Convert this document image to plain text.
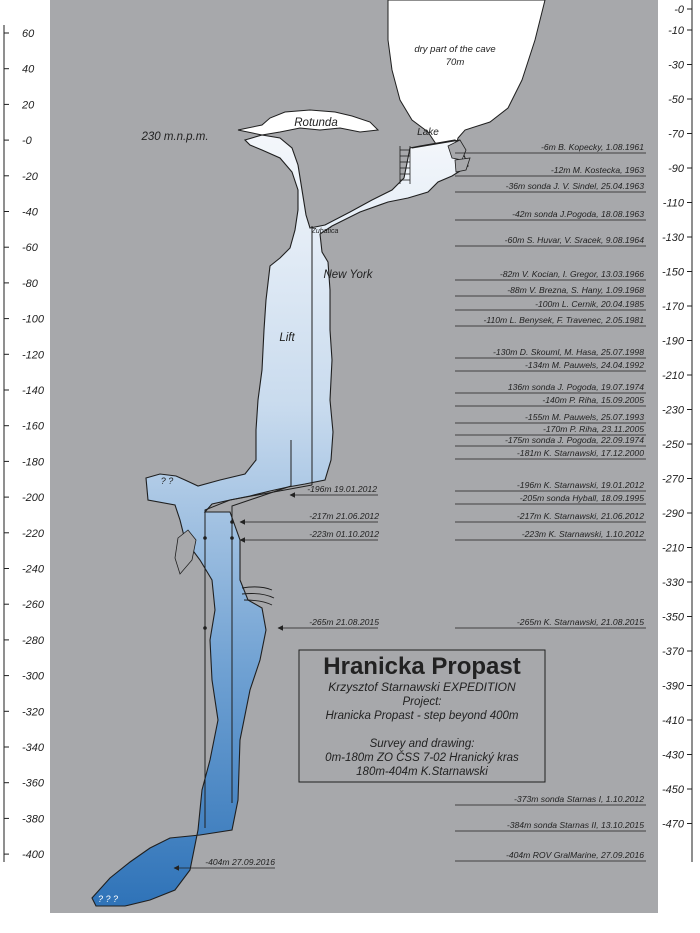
60
40
20
-0
-20
-40
-60
-80
-100
-120
-140
-160
-180
-200
-220
-240
-260
-280
-300
-320
-340
-360
-380
-400
-0
-10
-30
-50
-70
-90
-110
-130
-150
-170
-190
-210
-230
-250
-270
-290
-210
-330
-350
-370
-390
-410
-430
-450
-470
-6m B. Kopecky, 1.08.1961
-12m M. Kostecka, 1963
-36m sonda J. V. Sindel, 25.04.1963
-42m sonda J.Pogoda, 18.08.1963
-60m S. Huvar, V. Sracek, 9.08.1964
-82m V. Kocian, I. Gregor, 13.03.1966
-88m V. Brezna, S. Hany, 1.09.1968
-100m L. Cernik, 20.04.1985
-110m L. Benysek, F. Travenec, 2.05.1981
-130m D. Skouml, M. Hasa, 25.07.1998
-134m M. Pauwels, 24.04.1992
136m sonda J. Pogoda, 19.07.1974
-140m P. Riha, 15.09.2005
-155m M. Pauwels, 25.07.1993
-170m P. Riha, 23.11.2005
-175m sonda J. Pogoda, 22.09.1974
-181m K. Starnawski, 17.12.2000
-196m K. Starnawski, 19.01.2012
-205m sonda Hyball, 18.09.1995
-217m K. Starnawski, 21.06.2012
-223m K. Starnawski, 1.10.2012
-265m K. Starnawski, 21.08.2015
-373m sonda Starnas I, 1.10.2012
-384m sonda Starnas II, 13.10.2015
-404m ROV GralMarine, 27.09.2016
-196m 19.01.2012
-217m 21.06.2012
-223m 01.10.2012
-265m 21.08.2015
-404m 27.09.2016
dry part of the cave
70m
Rotunda
Lake
230 m.n.p.m.
Zubatica
New York
Lift
? ?
? ? ?
Hranicka Propast
Krzysztof Starnawski EXPEDITION
Project:
Hranicka Propast - step beyond 400m
Survey and drawing:
0m-180m ZO ČSS 7-02 Hranický kras
180m-404m K.Starnawski
